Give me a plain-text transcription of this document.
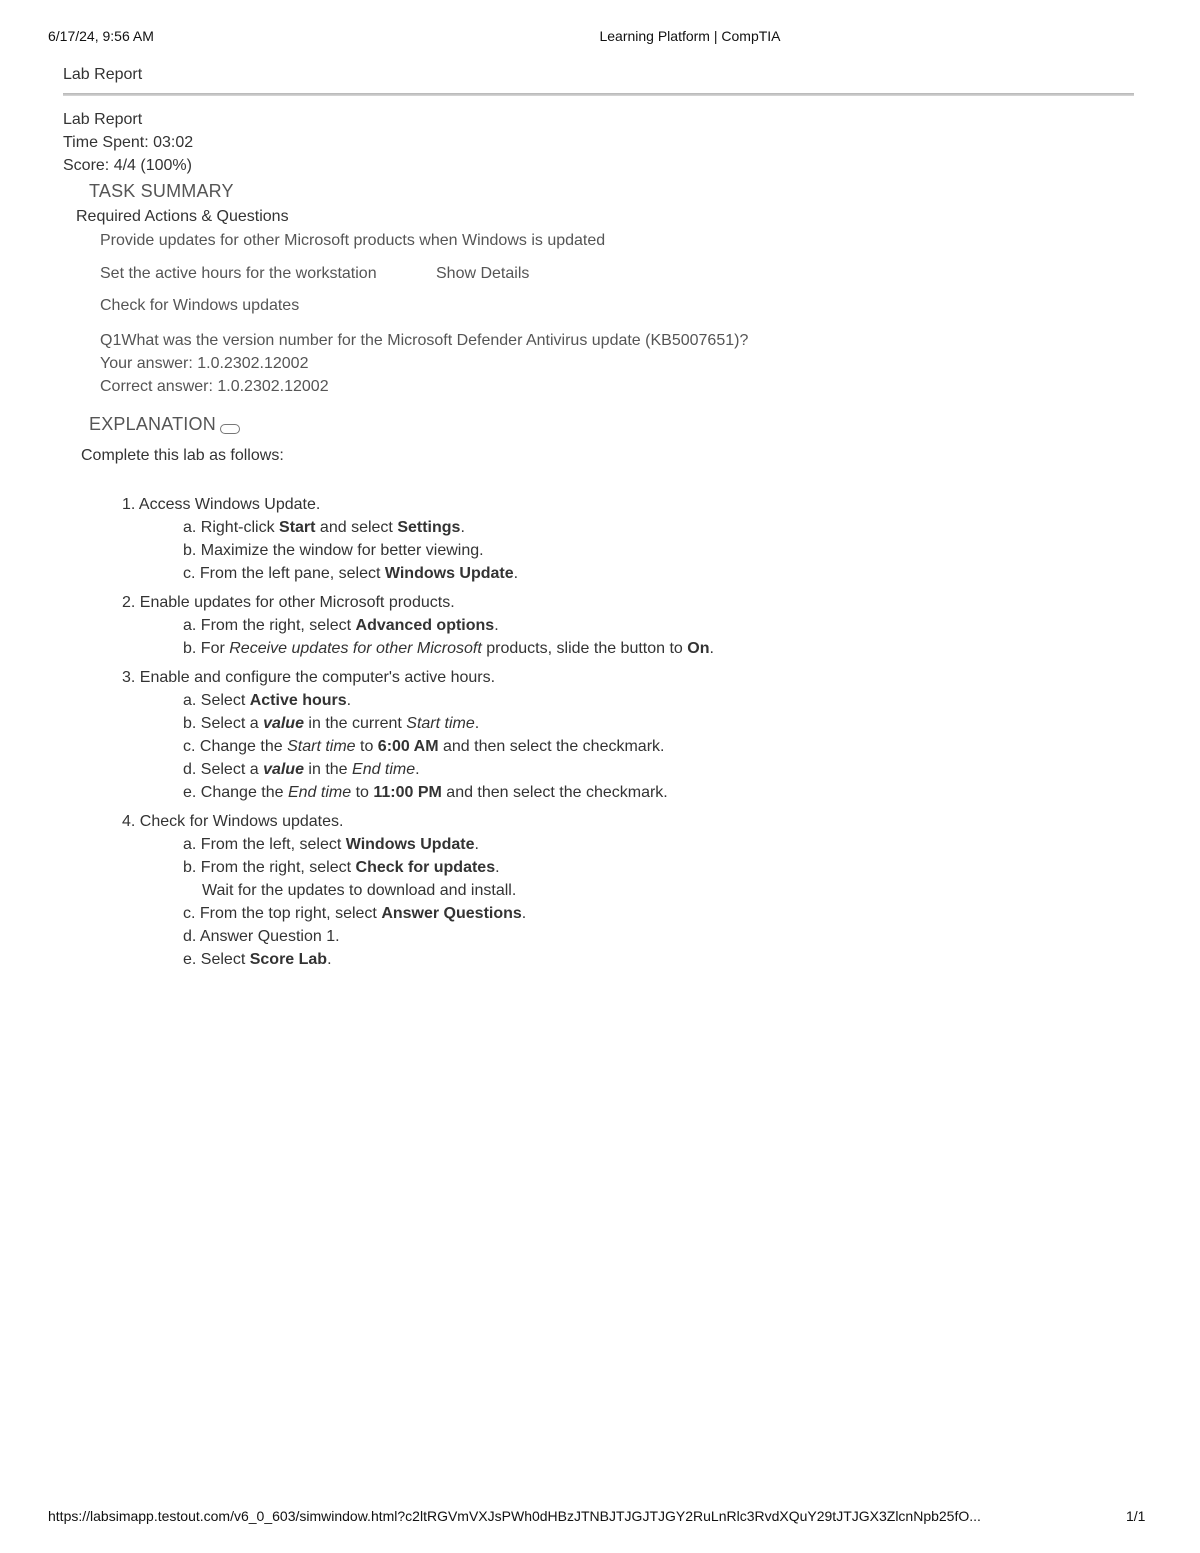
6/17/24, 9:56 AM	Learning Platform | CompTIA
Lab Report
Lab Report
Time Spent: 03:02
Score: 4/4 (100%)
TASK SUMMARY
Required Actions & Questions
Provide updates for other Microsoft products when Windows is updated
Set the active hours for the workstation	Show Details
Check for Windows updates
Q1What was the version number for the Microsoft Defender Antivirus update (KB5007651)?
Your answer: 1.0.2302.12002
Correct answer: 1.0.2302.12002
EXPLANATION
Complete this lab as follows:
1. Access Windows Update.
a. Right-click Start and select Settings.
b. Maximize the window for better viewing.
c. From the left pane, select Windows Update.
2. Enable updates for other Microsoft products.
a. From the right, select Advanced options.
b. For Receive updates for other Microsoft products, slide the button to On.
3. Enable and configure the computer's active hours.
a. Select Active hours.
b. Select a value in the current Start time.
c. Change the Start time to 6:00 AM and then select the checkmark.
d. Select a value in the End time.
e. Change the End time to 11:00 PM and then select the checkmark.
4. Check for Windows updates.
a. From the left, select Windows Update.
b. From the right, select Check for updates.
Wait for the updates to download and install.
c. From the top right, select Answer Questions.
d. Answer Question 1.
e. Select Score Lab.
https://labsimapp.testout.com/v6_0_603/simwindow.html?c2ltRGVmVXJsPWh0dHBzJTNBJTJGJTJGY2RuLnRlc3RvdXQuY29tJTJGX3ZlcnNpb25fO...	1/1
